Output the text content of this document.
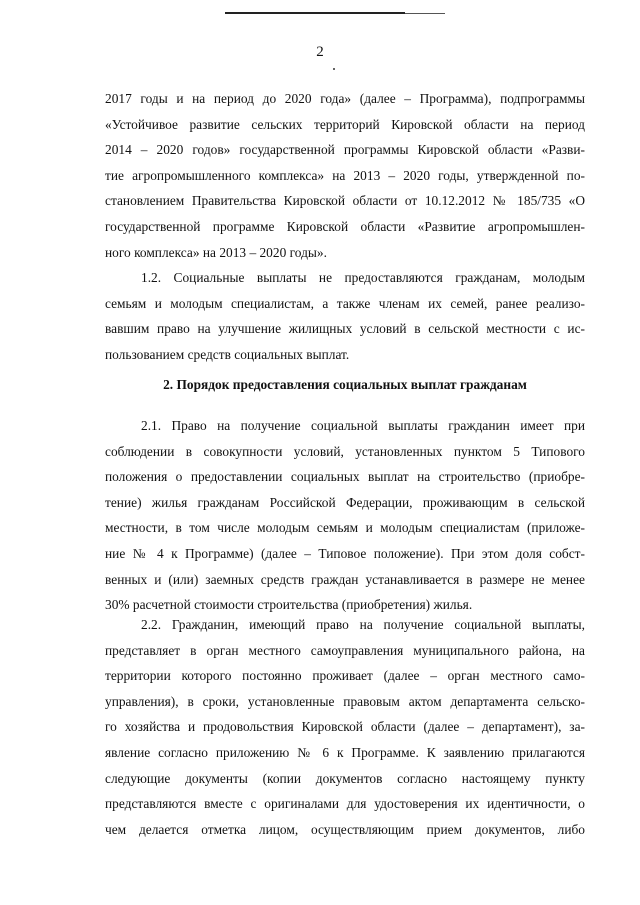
2
2017 годы и на период до 2020 года» (далее – Программа), подпрограммы
«Устойчивое развитие сельских территорий Кировской области на период
2014 – 2020 годов» государственной программы Кировской области «Разви-
тие агропромышленного комплекса» на 2013 – 2020 годы, утвержденной по-
становлением Правительства Кировской области от 10.12.2012 № 185/735 «О
государственной программе Кировской области «Развитие агропромышлен-
ного комплекса» на 2013 – 2020 годы».
1.2. Социальные выплаты не предоставляются гражданам, молодым
семьям и молодым специалистам, а также членам их семей, ранее реализо-
вавшим право на улучшение жилищных условий в сельской местности с ис-
пользованием средств социальных выплат.
2. Порядок предоставления социальных выплат гражданам
2.1. Право на получение социальной выплаты гражданин имеет при
соблюдении в совокупности условий, установленных пунктом 5 Типового
положения о предоставлении социальных выплат на строительство (приобре-
тение) жилья гражданам Российской Федерации, проживающим в сельской
местности, в том числе молодым семьям и молодым специалистам (приложе-
ние № 4 к Программе) (далее – Типовое положение). При этом доля собст-
венных и (или) заемных средств граждан устанавливается в размере не менее
30% расчетной стоимости строительства (приобретения) жилья.
2.2. Гражданин, имеющий право на получение социальной выплаты,
представляет в орган местного самоуправления муниципального района, на
территории которого постоянно проживает (далее – орган местного само-
управления), в сроки, установленные правовым актом департамента сельско-
го хозяйства и продовольствия Кировской области (далее – департамент), за-
явление согласно приложению № 6 к Программе. К заявлению прилагаются
следующие документы (копии документов согласно настоящему пункту
представляются вместе с оригиналами для удостоверения их идентичности, о
чем делается отметка лицом, осуществляющим прием документов, либо
